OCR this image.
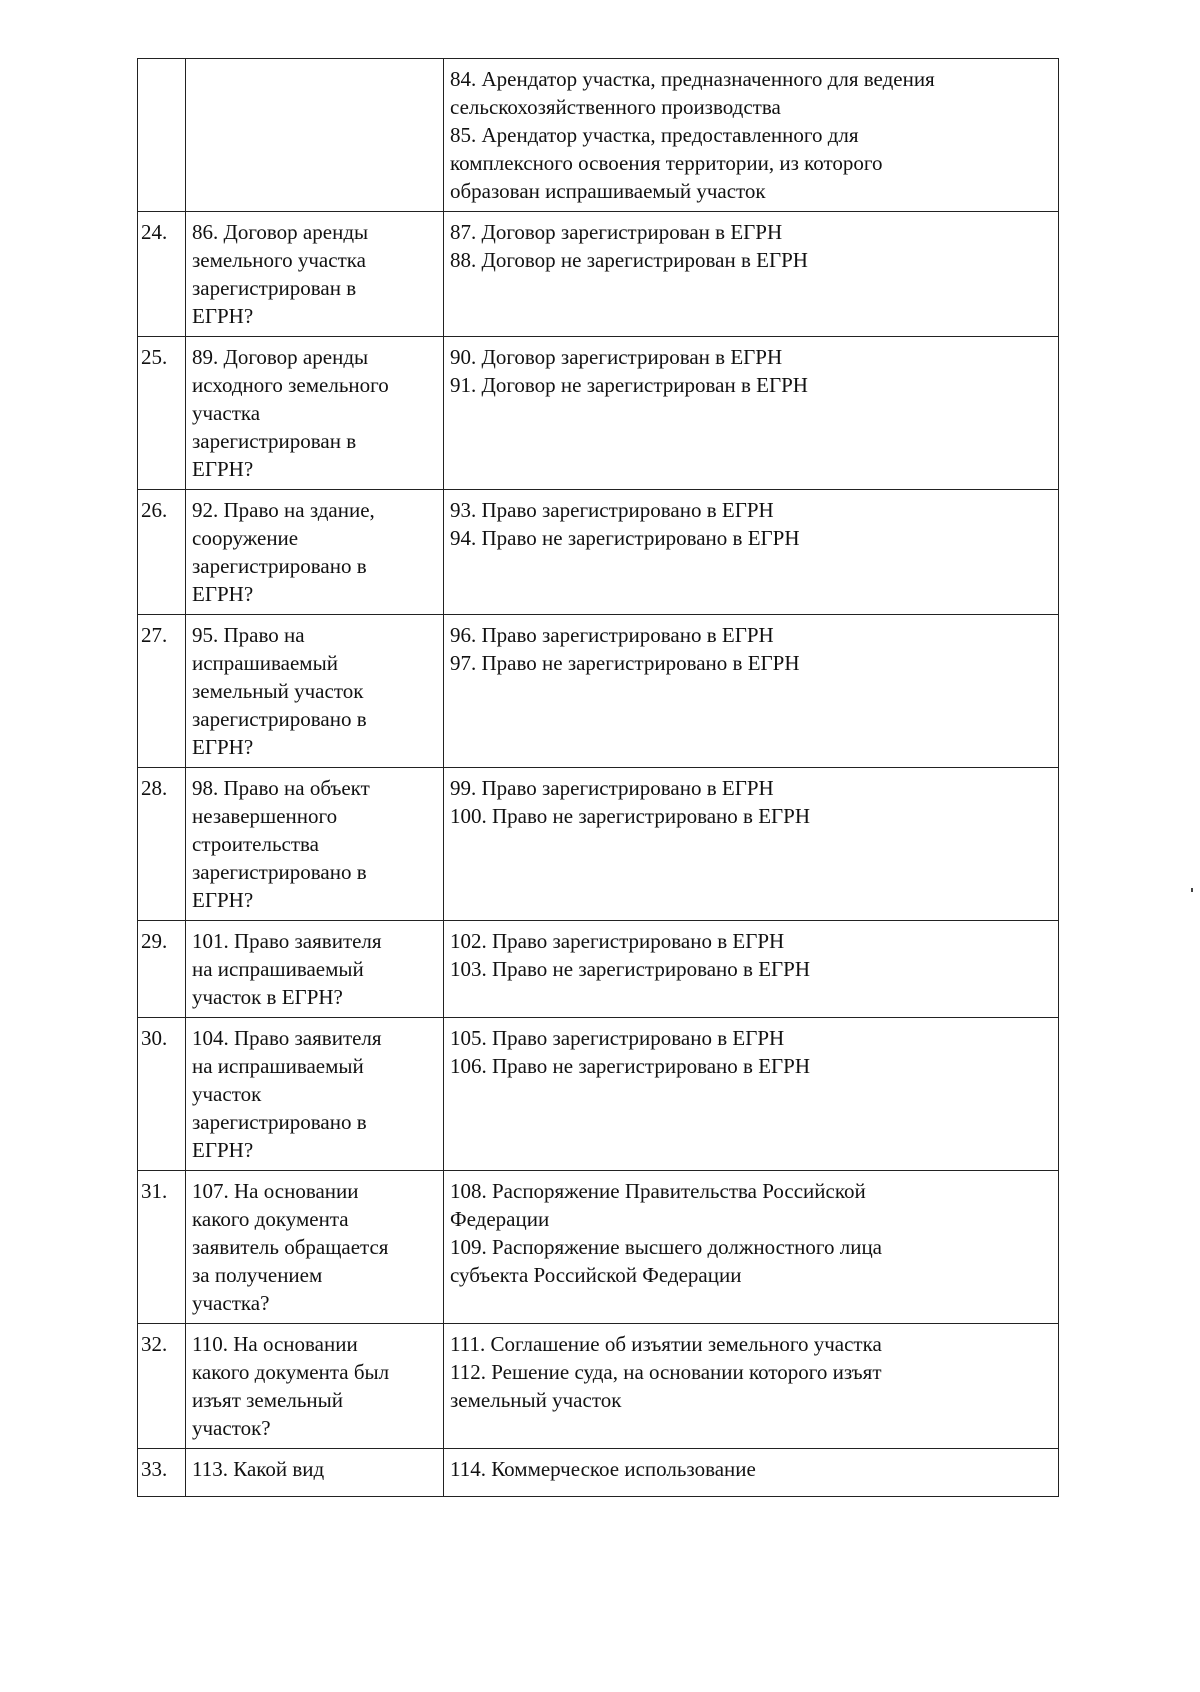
		84. Арендатор участка, предназначенного для ведения
сельскохозяйственного производства
85. Арендатор участка, предоставленного для
комплексного освоения территории, из которого
образован испрашиваемый участок

24.	86. Договор аренды
земельного участка
зарегистрирован в
ЕГРН?	87. Договор зарегистрирован в ЕГРН
88. Договор не зарегистрирован в ЕГРН

25.	89. Договор аренды
исходного земельного
участка
зарегистрирован в
ЕГРН?	90. Договор зарегистрирован в ЕГРН
91. Договор не зарегистрирован в ЕГРН

26.	92. Право на здание,
сооружение
зарегистрировано в
ЕГРН?	93. Право зарегистрировано в ЕГРН
94. Право не зарегистрировано в ЕГРН

27.	95. Право на
испрашиваемый
земельный участок
зарегистрировано в
ЕГРН?	96. Право зарегистрировано в ЕГРН
97. Право не зарегистрировано в ЕГРН

28.	98. Право на объект
незавершенного
строительства
зарегистрировано в
ЕГРН?	99. Право зарегистрировано в ЕГРН
100. Право не зарегистрировано в ЕГРН

29.	101. Право заявителя
на испрашиваемый
участок в ЕГРН?	102. Право зарегистрировано в ЕГРН
103. Право не зарегистрировано в ЕГРН

30.	104. Право заявителя
на испрашиваемый
участок
зарегистрировано в
ЕГРН?	105. Право зарегистрировано в ЕГРН
106. Право не зарегистрировано в ЕГРН

31.	107. На основании
какого документа
заявитель обращается
за получением
участка?	108. Распоряжение Правительства Российской
Федерации
109. Распоряжение высшего должностного лица
субъекта Российской Федерации

32.	110. На основании
какого документа был
изъят земельный
участок?	111. Соглашение об изъятии земельного участка
112. Решение суда, на основании которого изъят
земельный участок

33.	113. Какой вид	114. Коммерческое использование
